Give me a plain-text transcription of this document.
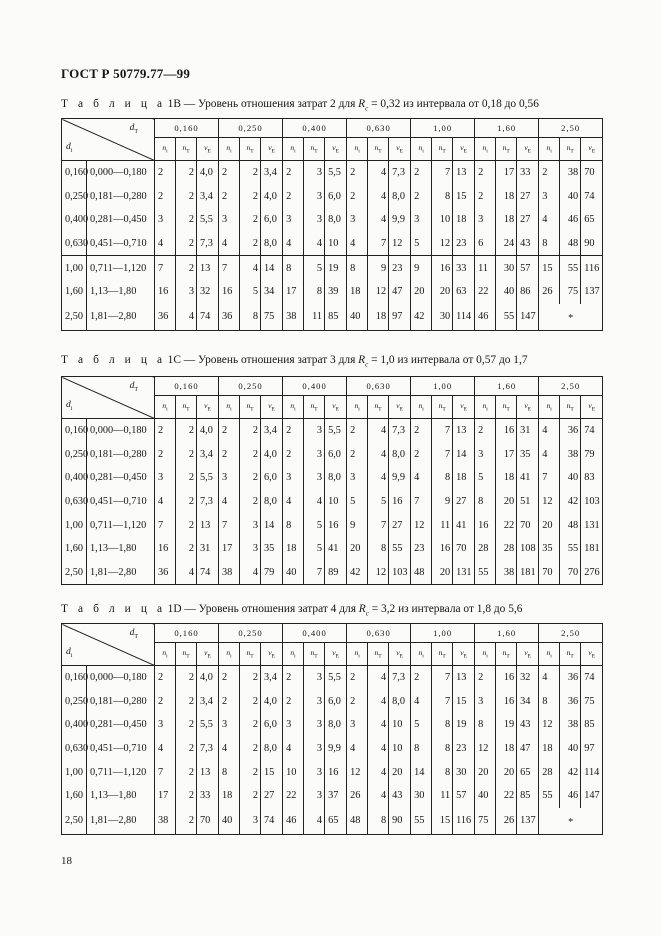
ГОСТ Р 50779.77—99
Т а б л и ц а 1B — Уровень отношения затрат 2 для $R_c = 0,32$ из интервала от 0,18 до 0,56
$d_T$
$d_i$		0,160			0,250			0,400			0,630			1,00			1,60			2,50		
		$n_i$	$n_T$	$\nu_E$	$n_i$	$n_T$	$\nu_E$	$n_i$	$n_T$	$\nu_E$	$n_i$	$n_T$	$\nu_E$	$n_i$	$n_T$	$\nu_E$	$n_i$	$n_T$	$\nu_E$	$n_i$	$n_T$	$\nu_E$
0,160	0,000—0,180	2	2	4,0	2	2	3,4	2	3	5,5	2	4	7,3	2	7	13	2	17	33	2	38	70
0,250	0,181—0,280	2	2	3,4	2	2	4,0	2	3	6,0	2	4	8,0	2	8	15	2	18	27	3	40	74
0,400	0,281—0,450	3	2	5,5	3	2	6,0	3	3	8,0	3	4	9,9	3	10	18	3	18	27	4	46	65
0,630	0,451—0,710	4	2	7,3	4	2	8,0	4	4	10	4	7	12	5	12	23	6	24	43	8	48	90
1,00	0,711—1,120	7	2	13	7	4	14	8	5	19	8	9	23	9	16	33	11	30	57	15	55	116
1,60	1,13—1,80	16	3	32	16	5	34	17	8	39	18	12	47	20	20	63	22	40	86	26	75	137
2,50	1,81—2,80	36	4	74	36	8	75	38	11	85	40	18	97	42	30	114	46	55	147	*		
Т а б л и ц а 1C — Уровень отношения затрат 3 для $R_c = 1,0$ из интервала от 0,57 до 1,7
$d_T$
$d_i$		0,160			0,250			0,400			0,630			1,00			1,60			2,50		
		$n_i$	$n_T$	$\nu_E$	$n_i$	$n_T$	$\nu_E$	$n_i$	$n_T$	$\nu_E$	$n_i$	$n_T$	$\nu_E$	$n_i$	$n_T$	$\nu_E$	$n_i$	$n_T$	$\nu_E$	$n_i$	$n_T$	$\nu_E$
0,160	0,000—0,180	2	2	4,0	2	2	3,4	2	3	5,5	2	4	7,3	2	7	13	2	16	31	4	36	74
0,250	0,181—0,280	2	2	3,4	2	2	4,0	2	3	6,0	2	4	8,0	2	7	14	3	17	35	4	38	79
0,400	0,281—0,450	3	2	5,5	3	2	6,0	3	3	8,0	3	4	9,9	4	8	18	5	18	41	7	40	83
0,630	0,451—0,710	4	2	7,3	4	2	8,0	4	4	10	5	5	16	7	9	27	8	20	51	12	42	103
1,00	0,711—1,120	7	2	13	7	3	14	8	5	16	9	7	27	12	11	41	16	22	70	20	48	131
1,60	1,13—1,80	16	2	31	17	3	35	18	5	41	20	8	55	23	16	70	28	28	108	35	55	181
2,50	1,81—2,80	36	4	74	38	4	79	40	7	89	42	12	103	48	20	131	55	38	181	70	70	276
Т а б л и ц а 1D — Уровень отношения затрат 4 для $R_c = 3,2$ из интервала от 1,8 до 5,6
$d_T$
$d_i$		0,160			0,250			0,400			0,630			1,00			1,60			2,50		
		$n_i$	$n_T$	$\nu_E$	$n_i$	$n_T$	$\nu_E$	$n_i$	$n_T$	$\nu_E$	$n_i$	$n_T$	$\nu_E$	$n_i$	$n_T$	$\nu_E$	$n_i$	$n_T$	$\nu_E$	$n_i$	$n_T$	$\nu_E$
0,160	0,000—0,180	2	2	4,0	2	2	3,4	2	3	5,5	2	4	7,3	2	7	13	2	16	32	4	36	74
0,250	0,181—0,280	2	2	3,4	2	2	4,0	2	3	6,0	2	4	8,0	4	7	15	3	16	34	8	36	75
0,400	0,281—0,450	3	2	5,5	3	2	6,0	3	3	8,0	3	4	10	5	8	19	8	19	43	12	38	85
0,630	0,451—0,710	4	2	7,3	4	2	8,0	4	3	9,9	4	4	10	8	8	23	12	18	47	18	40	97
1,00	0,711—1,120	7	2	13	8	2	15	10	3	16	12	4	20	14	8	30	20	20	65	28	42	114
1,60	1,13—1,80	17	2	33	18	2	27	22	3	37	26	4	43	30	11	57	40	22	85	55	46	147
2,50	1,81—2,80	38	2	70	40	3	74	46	4	65	48	8	90	55	15	116	75	26	137	*		
18
